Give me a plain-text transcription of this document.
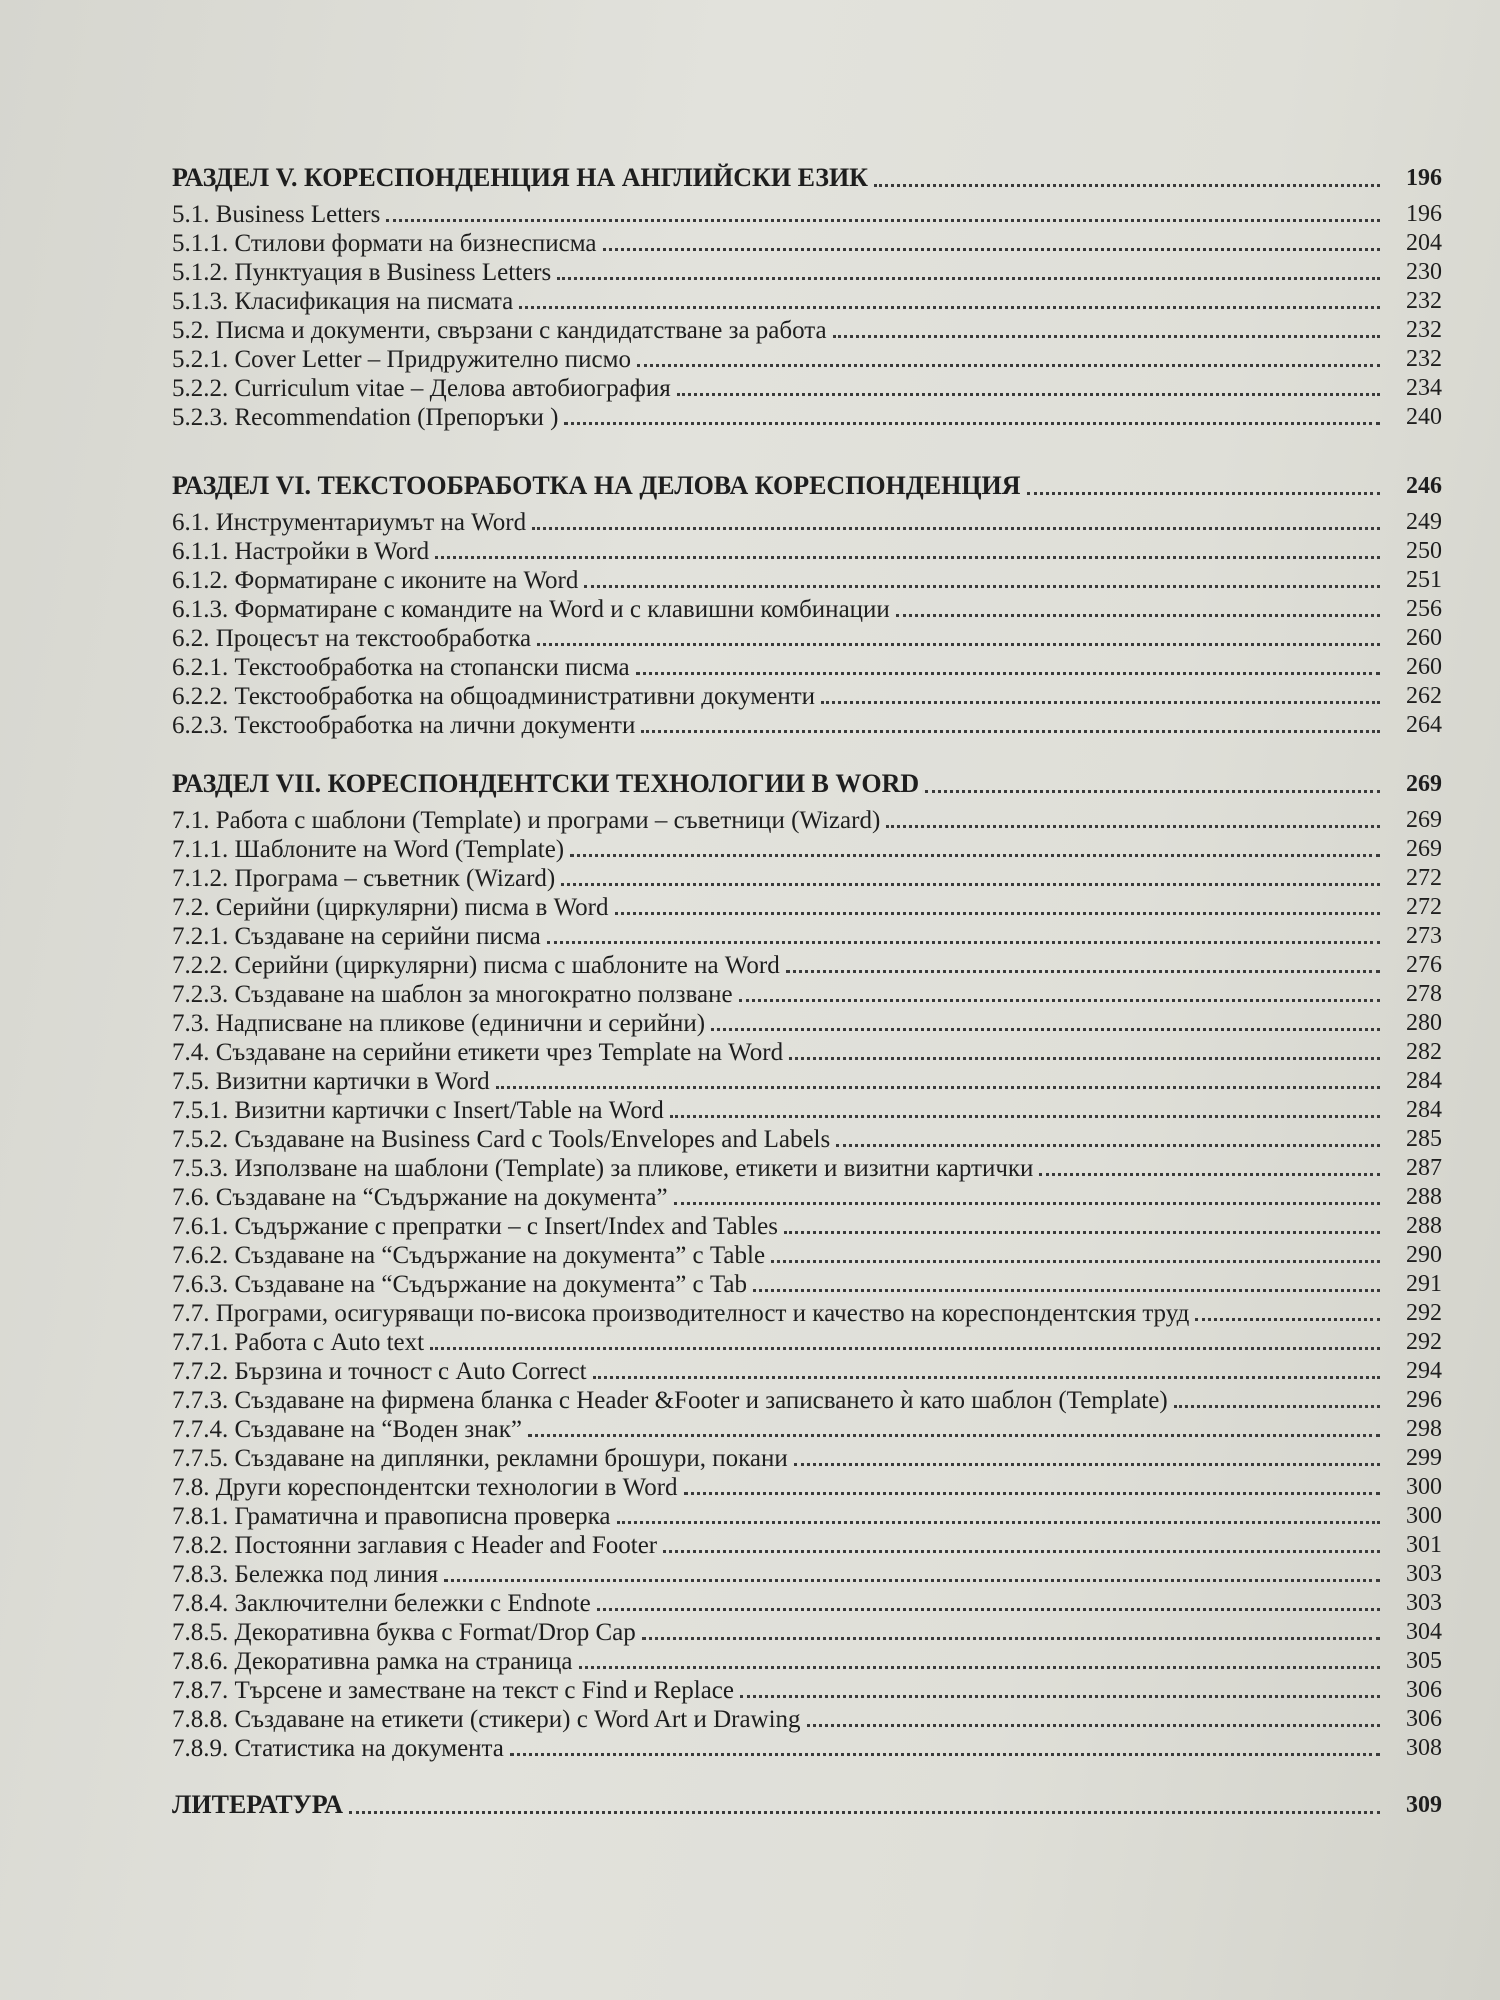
РАЗДЕЛ V. КОРЕСПОНДЕНЦИЯ НА АНГЛИЙСКИ ЕЗИК	196
5.1. Business Letters	196
5.1.1. Стилови формати на бизнесписма	204
5.1.2. Пунктуация в Business Letters	230
5.1.3. Класификация на писмата	232
5.2. Писма и документи, свързани с кандидатстване за работа	232
5.2.1. Cover Letter – Придружително писмо	232
5.2.2. Curriculum vitae – Делова автобиография	234
5.2.3. Recommendation (Препоръки )	240
РАЗДЕЛ VI. ТЕКСТООБРАБОТКА НА ДЕЛОВА КОРЕСПОНДЕНЦИЯ	246
6.1. Инструментариумът на Word	249
6.1.1. Настройки в Word	250
6.1.2. Форматиране с иконите на Word	251
6.1.3. Форматиране с командите на Word и с клавишни комбинации	256
6.2. Процесът на текстообработка	260
6.2.1. Текстообработка на стопански писма	260
6.2.2. Текстообработка на общоадминистративни документи	262
6.2.3. Текстообработка на лични документи	264
РАЗДЕЛ VII. КОРЕСПОНДЕНТСКИ ТЕХНОЛОГИИ В WORD	269
7.1. Работа с шаблони (Template) и програми – съветници (Wizard)	269
7.1.1. Шаблоните на Word (Template)	269
7.1.2. Програма – съветник (Wizard)	272
7.2. Серийни (циркулярни) писма в Word	272
7.2.1. Създаване на серийни писма	273
7.2.2. Серийни (циркулярни) писма с шаблоните на Word	276
7.2.3. Създаване на шаблон за многократно ползване	278
7.3. Надписване на пликове (единични и серийни)	280
7.4. Създаване на серийни етикети чрез Template на Word	282
7.5. Визитни картички в Word	284
7.5.1. Визитни картички с Insert/Table на Word	284
7.5.2. Създаване на Business Card с Tools/Envelopes and Labels	285
7.5.3. Използване на шаблони (Template) за пликове, етикети и визитни картички	287
7.6. Създаване на “Съдържание на документа”	288
7.6.1. Съдържание с препратки – с Insert/Index and Tables	288
7.6.2. Създаване на “Съдържание на документа” с Table	290
7.6.3. Създаване на “Съдържание на документа” с Tab	291
7.7. Програми, осигуряващи по-висока производителност и качество на кореспондентския труд	292
7.7.1. Работа с Auto text	292
7.7.2. Бързина и точност с Auto Correct	294
7.7.3. Създаване на фирмена бланка с Header &Footer и записването ѝ като шаблон (Template)	296
7.7.4. Създаване на “Воден знак”	298
7.7.5. Създаване на диплянки, рекламни брошури, покани	299
7.8. Други кореспондентски технологии в Word	300
7.8.1. Граматична и правописна проверка	300
7.8.2. Постоянни заглавия с Header and Footer	301
7.8.3. Бележка под линия	303
7.8.4. Заключителни бележки с Endnote	303
7.8.5. Декоративна буква с Format/Drop Cap	304
7.8.6. Декоративна рамка на страница	305
7.8.7. Търсене и заместване на текст с Find и Replace	306
7.8.8. Създаване на етикети (стикери) с Word Art и Drawing	306
7.8.9. Статистика на документа	308
ЛИТЕРАТУРА	309
